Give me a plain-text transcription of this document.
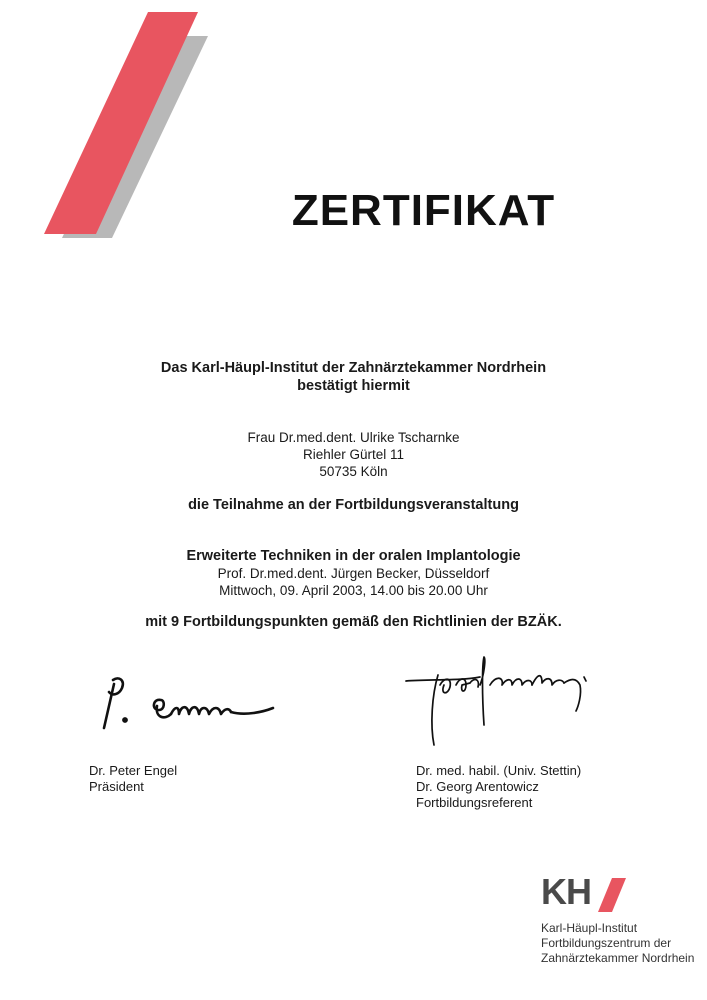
ZERTIFIKAT
Das Karl-Häupl-Institut der Zahnärztekammer Nordrhein
bestätigt hiermit
Frau Dr.med.dent. Ulrike Tscharnke
Riehler Gürtel 11
50735 Köln
die Teilnahme an der Fortbildungsveranstaltung
Erweiterte Techniken in der oralen Implantologie
Prof. Dr.med.dent. Jürgen Becker, Düsseldorf
Mittwoch, 09. April 2003, 14.00 bis 20.00 Uhr
mit 9 Fortbildungspunkten gemäß den Richtlinien der BZÄK.
Dr. Peter Engel
Präsident
Dr. med. habil. (Univ. Stettin)
Dr. Georg Arentowicz
Fortbildungsreferent
KH
Karl-Häupl-Institut
Fortbildungszentrum der
Zahnärztekammer Nordrhein
